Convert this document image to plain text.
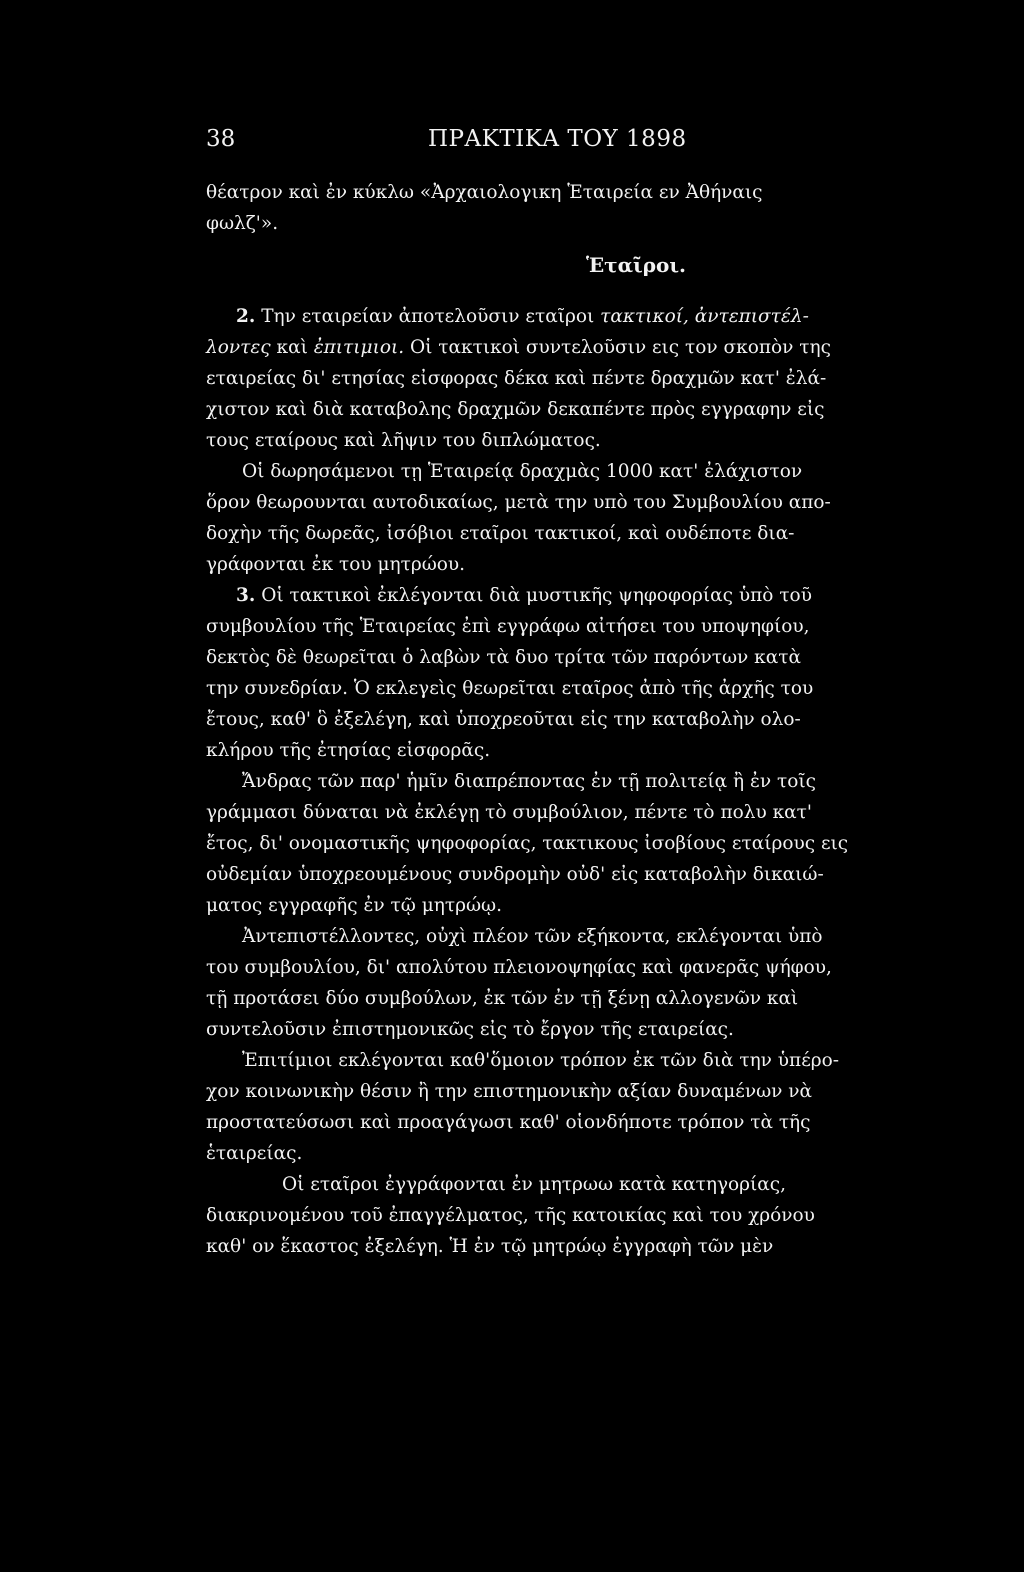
38	ΠΡΑΚΤΙΚΑ ΤΟΥ 1898
θέατρον καὶ ἐν κύκλω «Ἀρχαιολογικη Ἑταιρεία εν Ἀθήναις
φωλζ'».
Ἑταῖροι.
2. Την εταιρείαν ἀποτελοῦσιν εταῖροι τακτικοί, ἀντεπιστέλ-
λοντες καὶ ἐπιτιμιοι. Οἱ τακτικοὶ συντελοῦσιν εις τον σκοπὸν της
εταιρείας δι' ετησίας εἰσφορας δέκα καὶ πέντε δραχμῶν κατ' ἐλά-
χιστον καὶ διὰ καταβολης δραχμῶν δεκαπέντε πρὸς εγγραφην εἰς
τους εταίρους καὶ λῆψιν του διπλώματος.
Οἱ δωρησάμενοι τῃ Ἑταιρείᾳ δραχμὰς 1000 κατ' ἐλάχιστον
ὅρον θεωρουνται αυτοδικαίως, μετὰ την υπὸ του Συμβουλίου απο-
δοχὴν τῆς δωρεᾶς, ἰσόβιοι εταῖροι τακτικοί, καὶ ουδέποτε δια-
γράφονται ἐκ του μητρώου.
3. Οἱ τακτικοὶ ἐκλέγονται διὰ μυστικῆς ψηφοφορίας ὑπὸ τοῦ
συμβουλίου τῆς Ἑταιρείας ἐπὶ εγγράφω αἰτήσει του υποψηφίου,
δεκτὸς δὲ θεωρεῖται ὁ λαβὼν τὰ δυο τρίτα τῶν παρόντων κατὰ
την συνεδρίαν. Ὁ εκλεγεὶς θεωρεῖται εταῖρος ἀπὸ τῆς ἀρχῆς του
ἔτους, καθ' ὃ ἐξελέγη, καὶ ὑποχρεοῦται εἰς την καταβολὴν ολο-
κλήρου τῆς ἐτησίας εἰσφορᾶς.
Ἄνδρας τῶν παρ' ἡμῖν διαπρέποντας ἐν τῇ πολιτείᾳ ἢ ἐν τοῖς
γράμμασι δύναται νὰ ἐκλέγῃ τὸ συμβούλιον, πέντε τὸ πολυ κατ'
ἔτος, δι' ονομαστικῆς ψηφοφορίας, τακτικους ἰσοβίους εταίρους εις
οὐδεμίαν ὑποχρεουμένους συνδρομὴν οὐδ' εἰς καταβολὴν δικαιώ-
ματος εγγραφῆς ἐν τῷ μητρώῳ.
Ἀντεπιστέλλοντες, οὐχὶ πλέον τῶν εξήκοντα, εκλέγονται ὑπὸ
του συμβουλίου, δι' απολύτου πλειονοψηφίας καὶ φανερᾶς ψήφου,
τῇ προτάσει δύο συμβούλων, ἐκ τῶν ἐν τῇ ξένῃ αλλογενῶν καὶ
συντελοῦσιν ἐπιστημονικῶς εἰς τὸ ἔργον τῆς εταιρείας.
Ἐπιτίμιοι εκλέγονται καθ'ὅμοιον τρόπον ἐκ τῶν διὰ την ὑπέρο-
χον κοινωνικὴν θέσιν ἢ την επιστημονικὴν αξίαν δυναμένων νὰ
προστατεύσωσι καὶ προαγάγωσι καθ' οἱονδήποτε τρόπον τὰ τῆς
ἑταιρείας.
Οἱ εταῖροι ἐγγράφονται ἐν μητρωω κατὰ κατηγορίας,
διακρινομένου τοῦ ἐπαγγέλματος, τῆς κατοικίας καὶ του χρόνου
καθ' ον ἕκαστος ἐξελέγη. Ἡ ἐν τῷ μητρώῳ ἐγγραφὴ τῶν μὲν
